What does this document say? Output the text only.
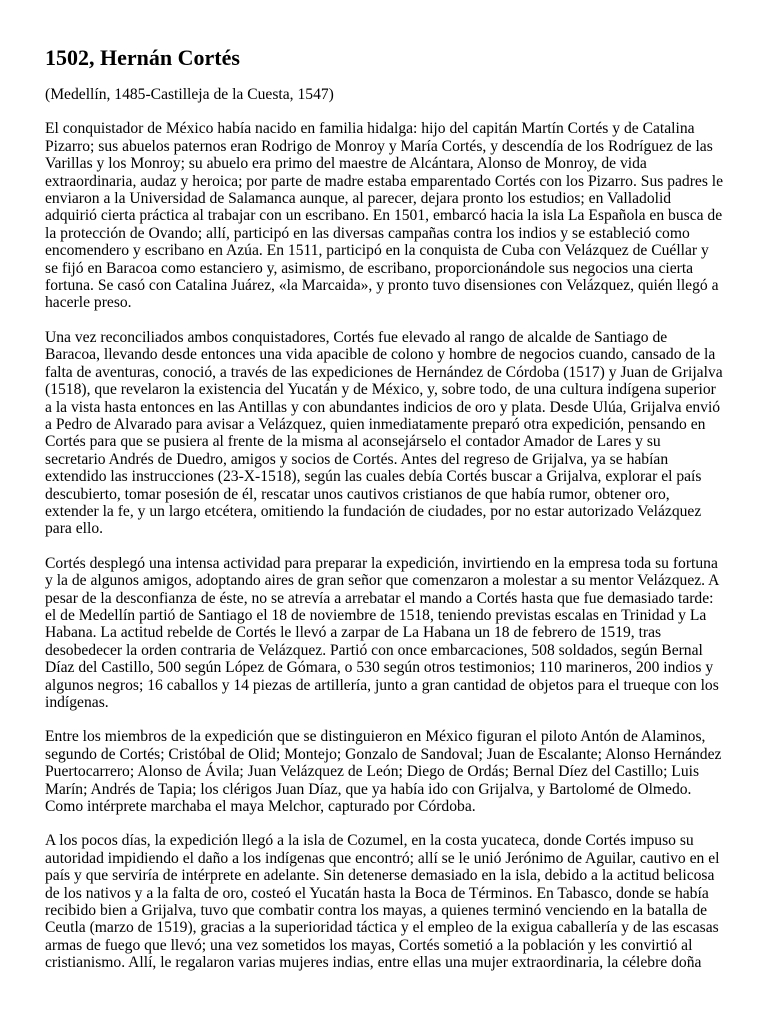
1502, Hernán Cortés

(Medellín, 1485-Castilleja de la Cuesta, 1547)

El conquistador de México había nacido en familia hidalga: hijo del capitán Martín Cortés y de Catalina Pizarro; sus abuelos paternos eran Rodrigo de Monroy y María Cortés, y descendía de los Rodríguez de las Varillas y los Monroy; su abuelo era primo del maestre de Alcántara, Alonso de Monroy, de vida extraordinaria, audaz y heroica; por parte de madre estaba emparentado Cortés con los Pizarro. Sus padres le enviaron a la Universidad de Salamanca aunque, al parecer, dejara pronto los estudios; en Valladolid adquirió cierta práctica al trabajar con un escribano. En 1501, embarcó hacia la isla La Española en busca de la protección de Ovando; allí, participó en las diversas campañas contra los indios y se estableció como encomendero y escribano en Azúa. En 1511, participó en la conquista de Cuba con Velázquez de Cuéllar y se fijó en Baracoa como estanciero y, asimismo, de escribano, proporcionándole sus negocios una cierta fortuna. Se casó con Catalina Juárez, «la Marcaida», y pronto tuvo disensiones con Velázquez, quién llegó a hacerle preso.

Una vez reconciliados ambos conquistadores, Cortés fue elevado al rango de alcalde de Santiago de Baracoa, llevando desde entonces una vida apacible de colono y hombre de negocios cuando, cansado de la falta de aventuras, conoció, a través de las expediciones de Hernández de Córdoba (1517) y Juan de Grijalva (1518), que revelaron la existencia del Yucatán y de México, y, sobre todo, de una cultura indígena superior a la vista hasta entonces en las Antillas y con abundantes indicios de oro y plata. Desde Ulúa, Grijalva envió a Pedro de Alvarado para avisar a Velázquez, quien inmediatamente preparó otra expedición, pensando en Cortés para que se pusiera al frente de la misma al aconsejárselo el contador Amador de Lares y su secretario Andrés de Duedro, amigos y socios de Cortés. Antes del regreso de Grijalva, ya se habían extendido las instrucciones (23-X-1518), según las cuales debía Cortés buscar a Grijalva, explorar el país descubierto, tomar posesión de él, rescatar unos cautivos cristianos de que había rumor, obtener oro, extender la fe, y un largo etcétera, omitiendo la fundación de ciudades, por no estar autorizado Velázquez para ello.

Cortés desplegó una intensa actividad para preparar la expedición, invirtiendo en la empresa toda su fortuna y la de algunos amigos, adoptando aires de gran señor que comenzaron a molestar a su mentor Velázquez. A pesar de la desconfianza de éste, no se atrevía a arrebatar el mando a Cortés hasta que fue demasiado tarde: el de Medellín partió de Santiago el 18 de noviembre de 1518, teniendo previstas escalas en Trinidad y La Habana. La actitud rebelde de Cortés le llevó a zarpar de La Habana un 18 de febrero de 1519, tras desobedecer la orden contraria de Velázquez. Partió con once embarcaciones, 508 soldados, según Bernal Díaz del Castillo, 500 según López de Gómara, o 530 según otros testimonios; 110 marineros, 200 indios y algunos negros; 16 caballos y 14 piezas de artillería, junto a gran cantidad de objetos para el trueque con los indígenas.

Entre los miembros de la expedición que se distinguieron en México figuran el piloto Antón de Alaminos, segundo de Cortés; Cristóbal de Olid; Montejo; Gonzalo de Sandoval; Juan de Escalante; Alonso Hernández Puertocarrero; Alonso de Ávila; Juan Velázquez de León; Diego de Ordás; Bernal Díez del Castillo; Luis Marín; Andrés de Tapia; los clérigos Juan Díaz, que ya había ido con Grijalva, y Bartolomé de Olmedo. Como intérprete marchaba el maya Melchor, capturado por Córdoba.

A los pocos días, la expedición llegó a la isla de Cozumel, en la costa yucateca, donde Cortés impuso su autoridad impidiendo el daño a los indígenas que encontró; allí se le unió Jerónimo de Aguilar, cautivo en el país y que serviría de intérprete en adelante. Sin detenerse demasiado en la isla, debido a la actitud belicosa de los nativos y a la falta de oro, costeó el Yucatán hasta la Boca de Términos. En Tabasco, donde se había recibido bien a Grijalva, tuvo que combatir contra los mayas, a quienes terminó venciendo en la batalla de Ceutla (marzo de 1519), gracias a la superioridad táctica y el empleo de la exigua caballería y de las escasas armas de fuego que llevó; una vez sometidos los mayas, Cortés sometió a la población y les convirtió al cristianismo. Allí, le regalaron varias mujeres indias, entre ellas una mujer extraordinaria, la célebre doña
